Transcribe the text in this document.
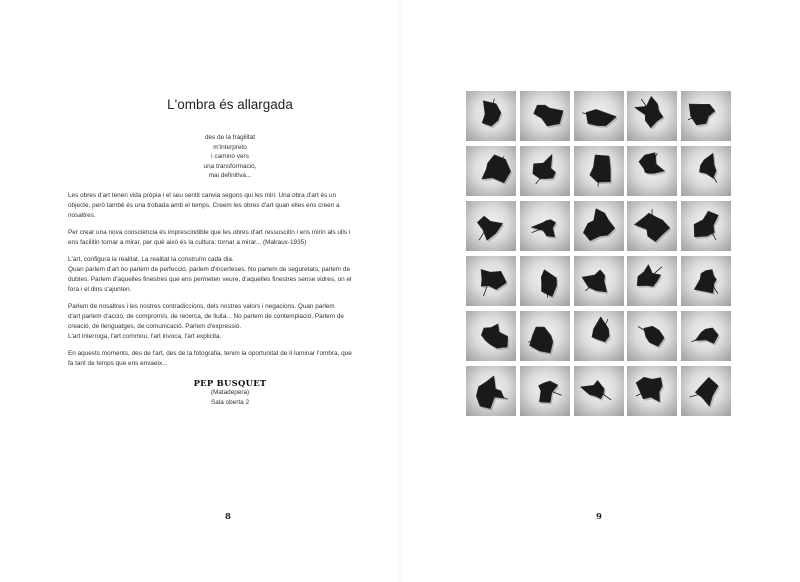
L'ombra és allargada
des de la fragilitat
m'interpreto
i camino vers
una transformació,
mai definitiva...

Les obres d'art tenen vida pròpia i el seu sentit canvia segons qui les miri. Una obra d'art és un
objecte, però també és una trobada amb el temps. Creem les obres d'art quan elles ens creen a
nosaltres.

Per crear una nova consciència és imprescindible que les obres d'art ressuscitin i ens mirin als ulls i
ens facilitin tornar a mirar, per què això és la cultura: tornar a mirar... (Malraux-1935)

L'art, configura la realitat. La realitat la construïm cada dia.
Quan parlem d'art no parlem de perfecció, parlem d'incerteses. No parlem de seguretats, parlem de
dubtes. Parlem d'aquelles finestres que ens permeten veure, d'aquelles finestres sense vidres, on el
fora i el dins s'ajunten.

Parlem de nosaltres i les nostres contradiccions, dels nostres valors i negacions. Quan parlem
d'art parlem d'acció, de compromís, de recerca, de lluita... No parlem de contemplació. Parlem de
creació, de llenguatges, de comunicació. Parlem d'expressió.
L'art interroga, l'art commou, l'art invoca, l'art explicita.

En aquests moments, des de l'art, des de la fotografia, tenim la oportunitat de il·luminar l'ombra, que
fa tant de temps que ens envaeix...

PEP BUSQUET
(Matadepera)
Sala oberta 2
8	9
